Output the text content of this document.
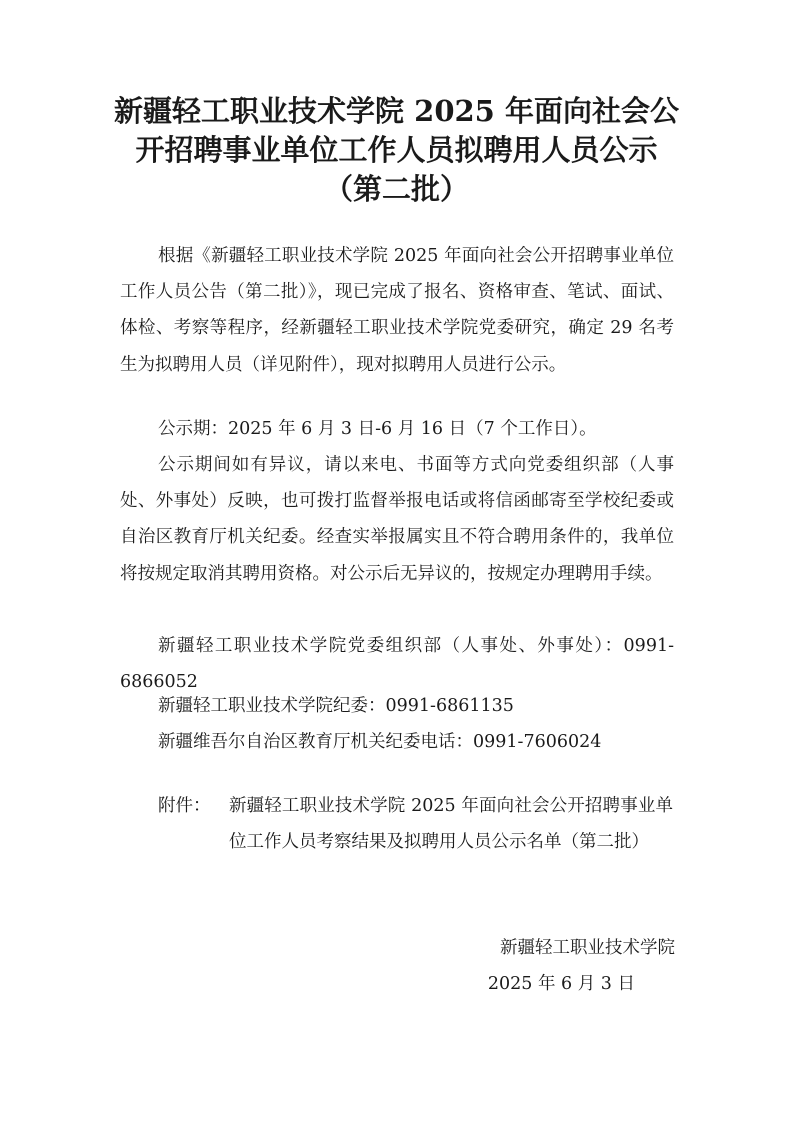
新疆轻工职业技术学院 2025 年面向社会公
开招聘事业单位工作人员拟聘用人员公示
（第二批）
根据《新疆轻工职业技术学院 2025 年面向社会公开招聘事业单位工作人员公告（第二批）》，现已完成了报名、资格审查、笔试、面试、体检、考察等程序，经新疆轻工职业技术学院党委研究，确定 29 名考生为拟聘用人员（详见附件），现对拟聘用人员进行公示。
公示期：2025 年 6 月 3 日-6 月 16 日（7 个工作日）。
公示期间如有异议，请以来电、书面等方式向党委组织部（人事处、外事处）反映，也可拨打监督举报电话或将信函邮寄至学校纪委或自治区教育厅机关纪委。经查实举报属实且不符合聘用条件的，我单位将按规定取消其聘用资格。对公示后无异议的，按规定办理聘用手续。
新疆轻工职业技术学院党委组织部（人事处、外事处）：0991-6866052
新疆轻工职业技术学院纪委：0991-6861135
新疆维吾尔自治区教育厅机关纪委电话：0991-7606024
附件： 新疆轻工职业技术学院 2025 年面向社会公开招聘事业单位工作人员考察结果及拟聘用人员公示名单（第二批）
新疆轻工职业技术学院
2025 年 6 月 3 日
